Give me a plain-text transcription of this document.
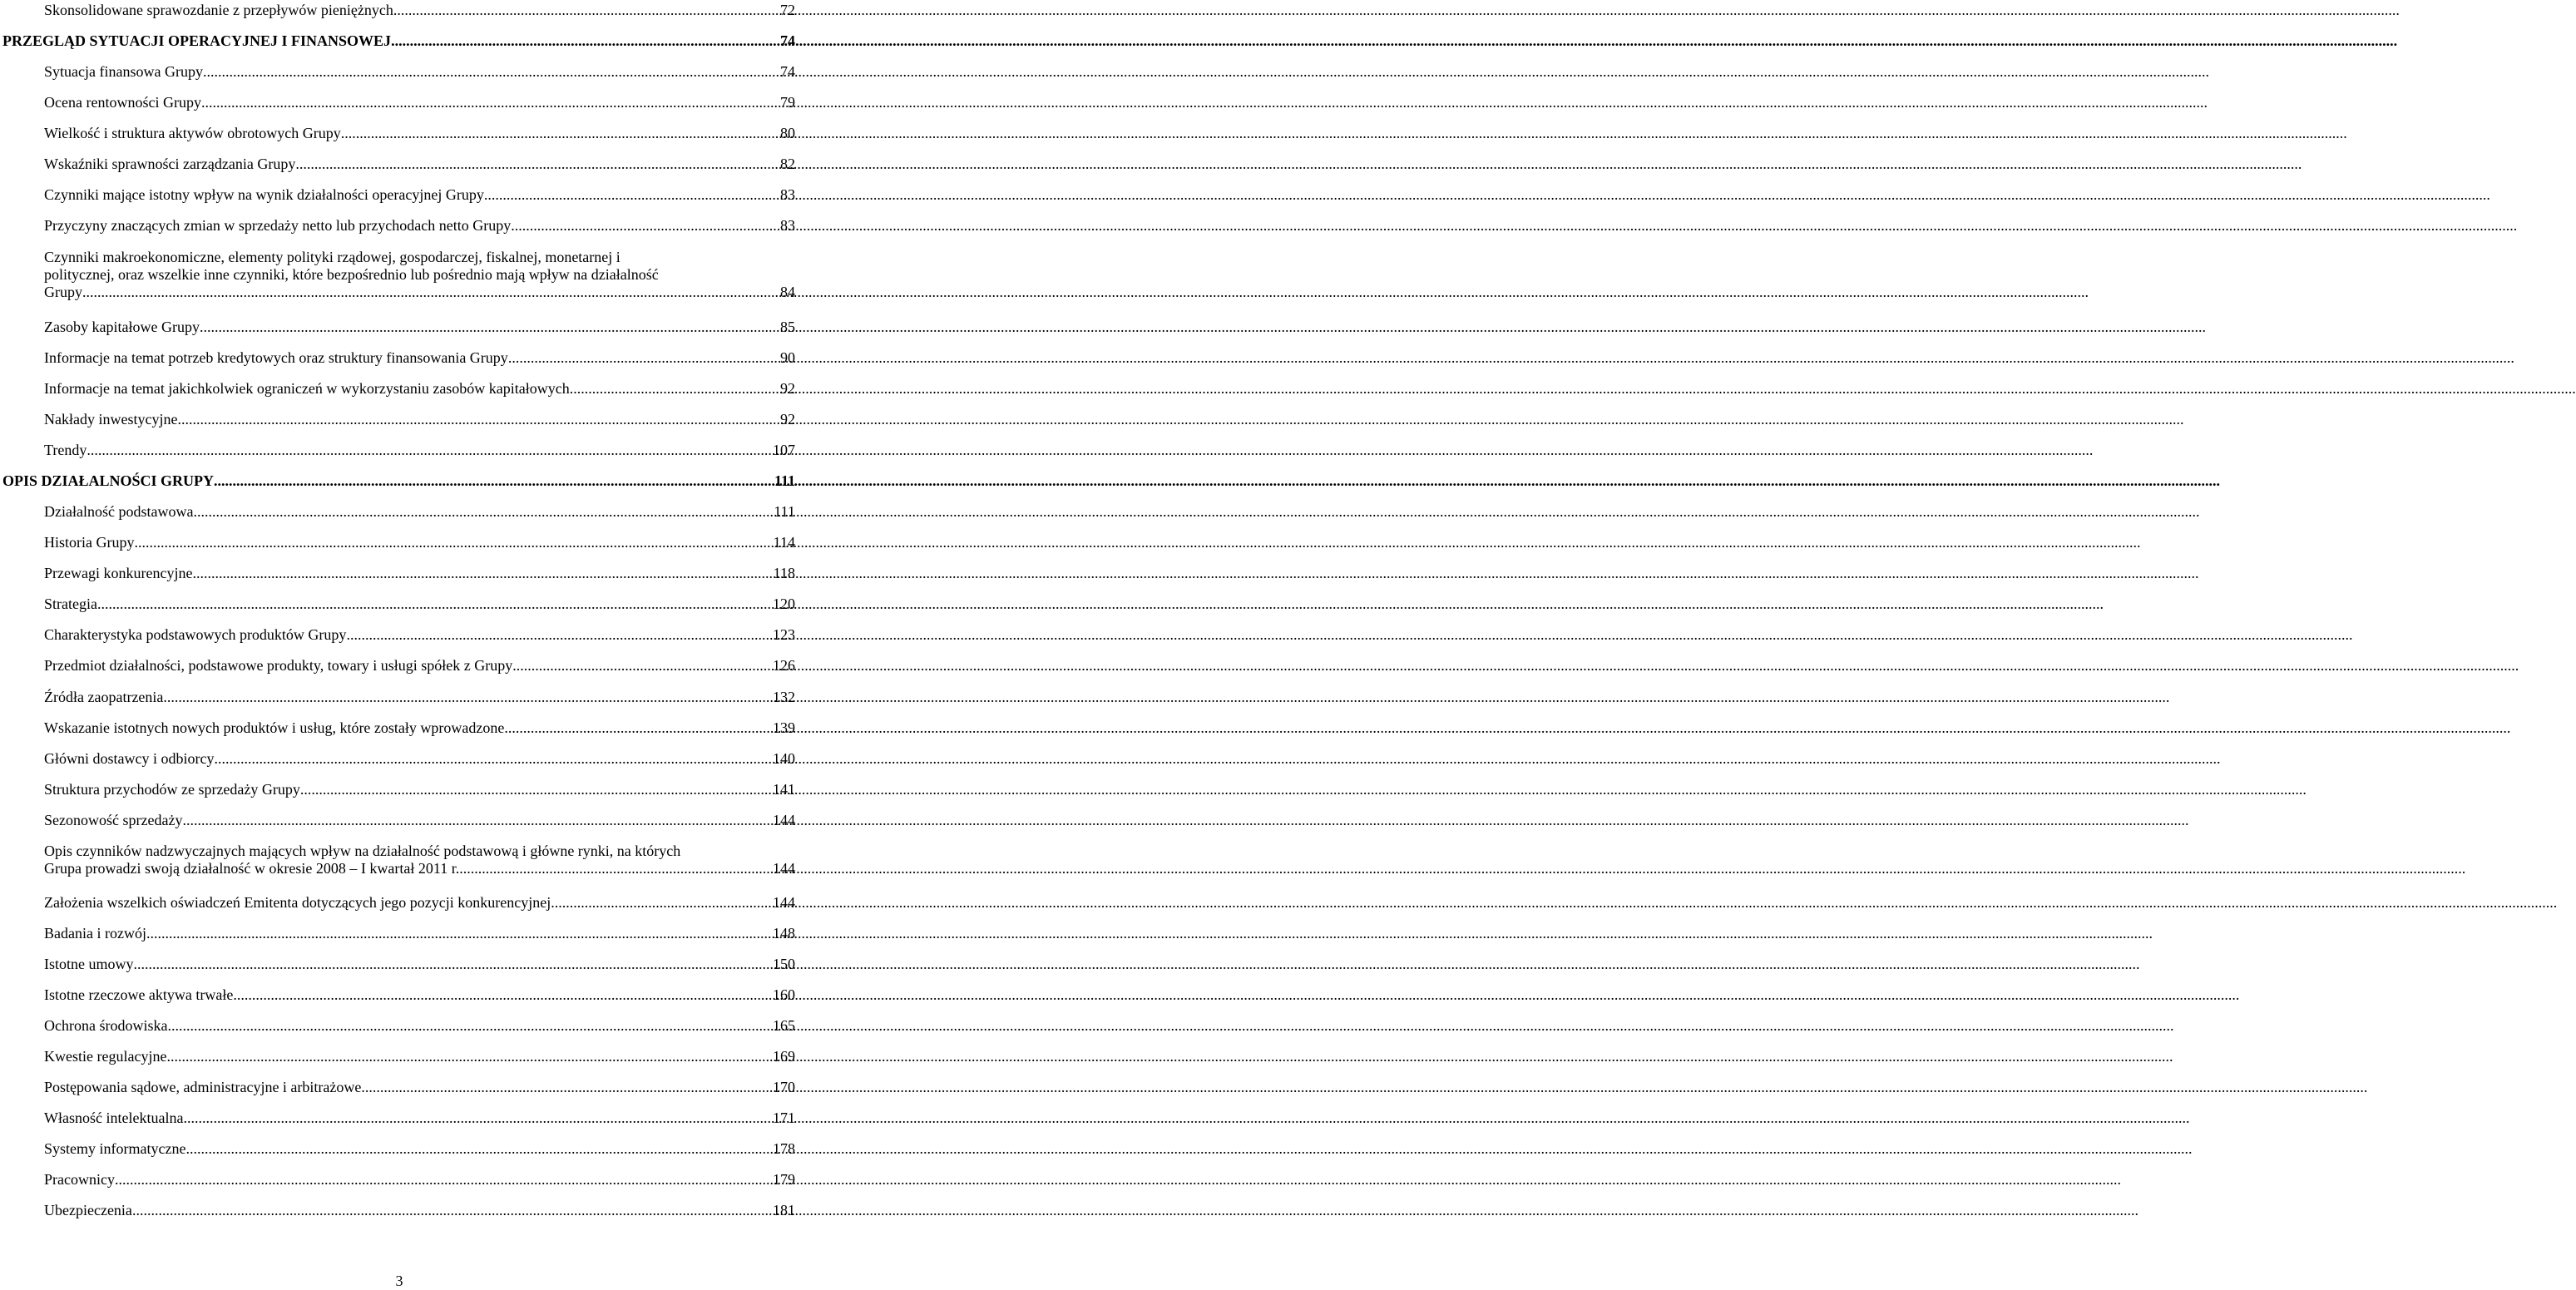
Skonsolidowane sprawozdanie z przepływów pieniężnych .....	72
PRZEGLĄD SYTUACJI OPERACYJNEJ I FINANSOWEJ .....	74
Sytuacja finansowa Grupy .....	74
Ocena rentowności Grupy .....	79
Wielkość i struktura aktywów obrotowych Grupy .....	80
Wskaźniki sprawności zarządzania Grupy .....	82
Czynniki mające istotny wpływ na wynik działalności operacyjnej Grupy .....	83
Przyczyny znaczących zmian w sprzedaży netto lub przychodach netto Grupy .....	83
Czynniki makroekonomiczne, elementy polityki rządowej, gospodarczej, fiskalnej, monetarnej i
politycznej, oraz wszelkie inne czynniki, które bezpośrednio lub pośrednio mają wpływ na działalność
Grupy .....	84
Zasoby kapitałowe Grupy .....	85
Informacje na temat potrzeb kredytowych oraz struktury finansowania Grupy .....	90
Informacje na temat jakichkolwiek ograniczeń w wykorzystaniu zasobów kapitałowych .....	92
Nakłady inwestycyjne .....	92
Trendy .....	107
OPIS DZIAŁALNOŚCI GRUPY .....	111
Działalność podstawowa .....	111
Historia Grupy .....	114
Przewagi konkurencyjne .....	118
Strategia .....	120
Charakterystyka podstawowych produktów Grupy .....	123
Przedmiot działalności, podstawowe produkty, towary i usługi spółek z Grupy .....	126
Źródła zaopatrzenia .....	132
Wskazanie istotnych nowych produktów i usług, które zostały wprowadzone .....	139
Główni dostawcy i odbiorcy .....	140
Struktura przychodów ze sprzedaży Grupy .....	141
Sezonowość sprzedaży .....	144
Opis czynników nadzwyczajnych mających wpływ na działalność podstawową i główne rynki, na których
Grupa prowadzi swoją działalność w okresie 2008 – I kwartał 2011 r. .....	144
Założenia wszelkich oświadczeń Emitenta dotyczących jego pozycji konkurencyjnej .....	144
Badania i rozwój .....	148
Istotne umowy .....	150
Istotne rzeczowe aktywa trwałe .....	160
Ochrona środowiska .....	165
Kwestie regulacyjne .....	169
Postępowania sądowe, administracyjne i arbitrażowe .....	170
Własność intelektualna .....	171
Systemy informatyczne .....	178
Pracownicy .....	179
Ubezpieczenia .....	181
3
